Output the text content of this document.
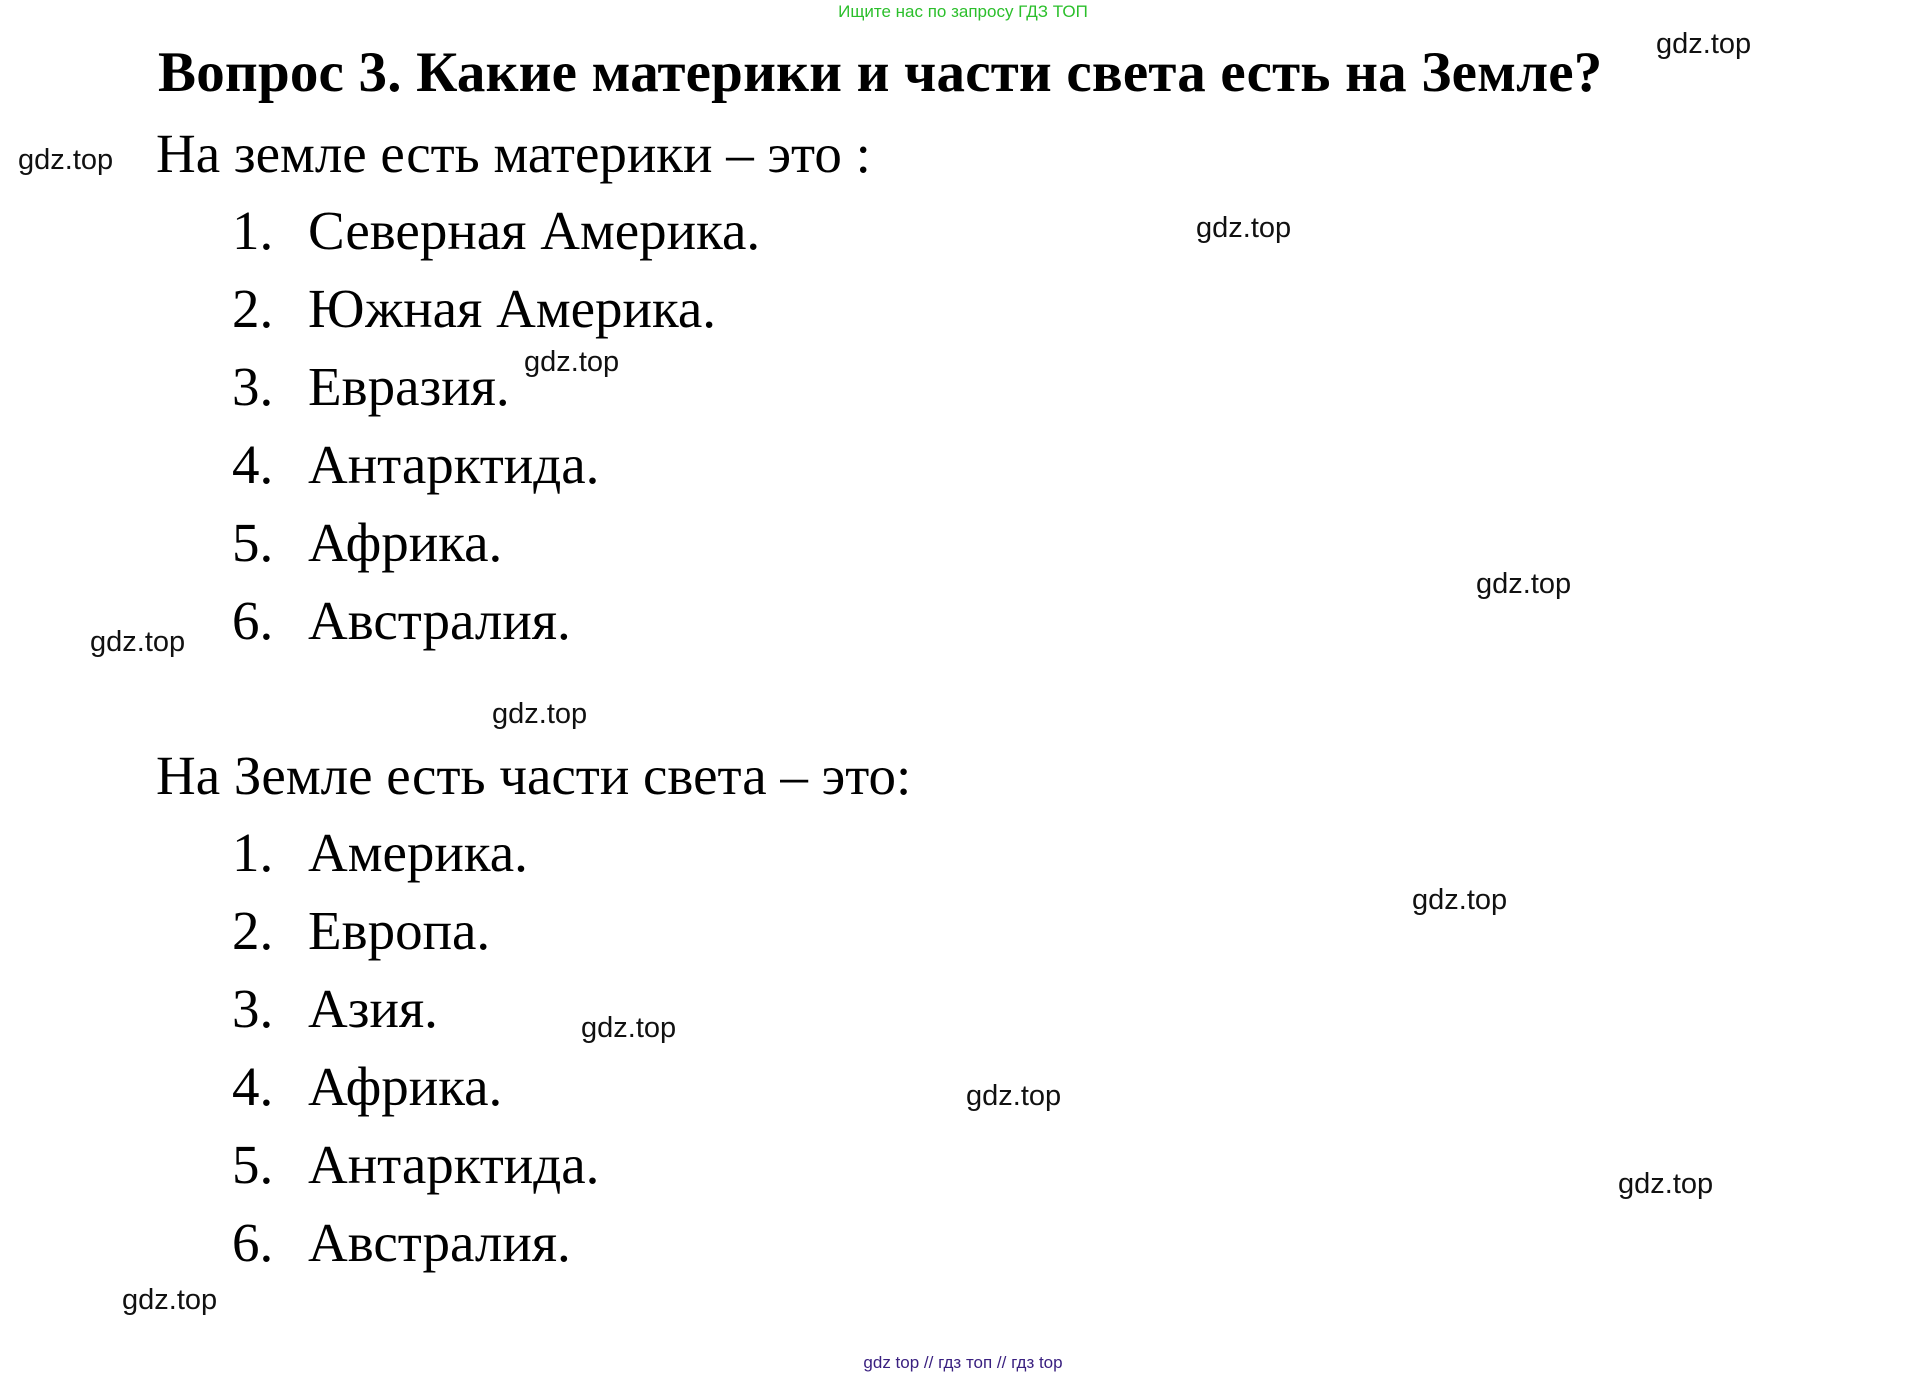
Ищите нас по запросу ГДЗ ТОП
Вопрос 3. Какие материки и части света есть на Земле?
На земле есть материки – это :
1. Северная Америка.
2. Южная Америка.
3. Евразия.
4. Антарктида.
5. Африка.
6. Австралия.
На Земле есть части света – это:
1. Америка.
2. Европа.
3. Азия.
4. Африка.
5. Антарктида.
6. Австралия.
gdz.top
gdz.top
gdz.top
gdz.top
gdz.top
gdz.top
gdz.top
gdz.top
gdz.top
gdz.top
gdz.top
gdz.top
gdz top // гдз топ // гдз top
